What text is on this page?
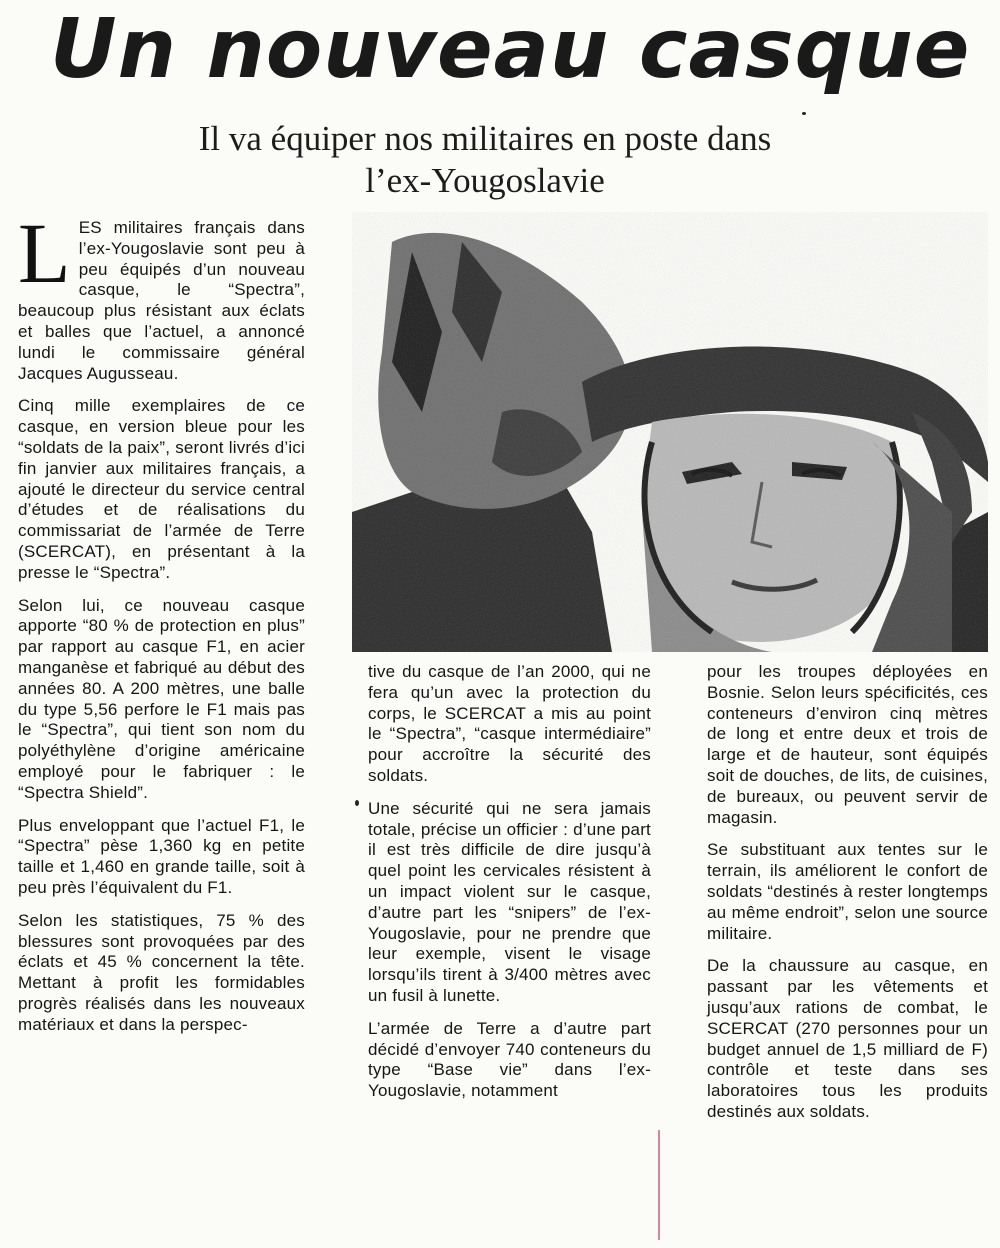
Un nouveau casque
Il va équiper nos militaires en poste dans
l’ex-Yougoslavie

LES militaires français dans l’ex-Yougoslavie sont peu à peu équipés d’un nouveau casque, le “Spectra”, beaucoup plus résistant aux éclats et balles que l’actuel, a annoncé lundi le commissaire général Jacques Augusseau.

Cinq mille exemplaires de ce casque, en version bleue pour les “soldats de la paix”, seront livrés d’ici fin janvier aux militaires français, a ajouté le directeur du service central d’études et de réalisations du commissariat de l’armée de Terre (SCERCAT), en présentant à la presse le “Spectra”.

Selon lui, ce nouveau casque apporte “80 % de protection en plus” par rapport au casque F1, en acier manganèse et fabriqué au début des années 80. A 200 mètres, une balle du type 5,56 perfore le F1 mais pas le “Spectra”, qui tient son nom du polyéthylène d’origine américaine employé pour le fabriquer : le “Spectra Shield”.

Plus enveloppant que l’actuel F1, le “Spectra” pèse 1,360 kg en petite taille et 1,460 en grande taille, soit à peu près l’équivalent du F1.

Selon les statistiques, 75 % des blessures sont provoquées par des éclats et 45 % concernent la tête. Mettant à profit les formidables progrès réalisés dans les nouveaux matériaux et dans la perspec-

tive du casque de l’an 2000, qui ne fera qu’un avec la protection du corps, le SCERCAT a mis au point le “Spectra”, “casque intermédiaire” pour accroître la sécurité des soldats.

Une sécurité qui ne sera jamais totale, précise un officier : d’une part il est très difficile de dire jusqu’à quel point les cervicales résistent à un impact violent sur le casque, d’autre part les “snipers” de l’ex-Yougoslavie, pour ne prendre que leur exemple, visent le visage lorsqu’ils tirent à 3/400 mètres avec un fusil à lunette.

L’armée de Terre a d’autre part décidé d’envoyer 740 conteneurs du type “Base vie” dans l’ex-Yougoslavie, notamment

pour les troupes déployées en Bosnie. Selon leurs spécificités, ces conteneurs d’environ cinq mètres de long et entre deux et trois de large et de hauteur, sont équipés soit de douches, de lits, de cuisines, de bureaux, ou peuvent servir de magasin.

Se substituant aux tentes sur le terrain, ils améliorent le confort de soldats “destinés à rester longtemps au même endroit”, selon une source militaire.

De la chaussure au casque, en passant par les vêtements et jusqu’aux rations de combat, le SCERCAT (270 personnes pour un budget annuel de 1,5 milliard de F) contrôle et teste dans ses laboratoires tous les produits destinés aux soldats.
